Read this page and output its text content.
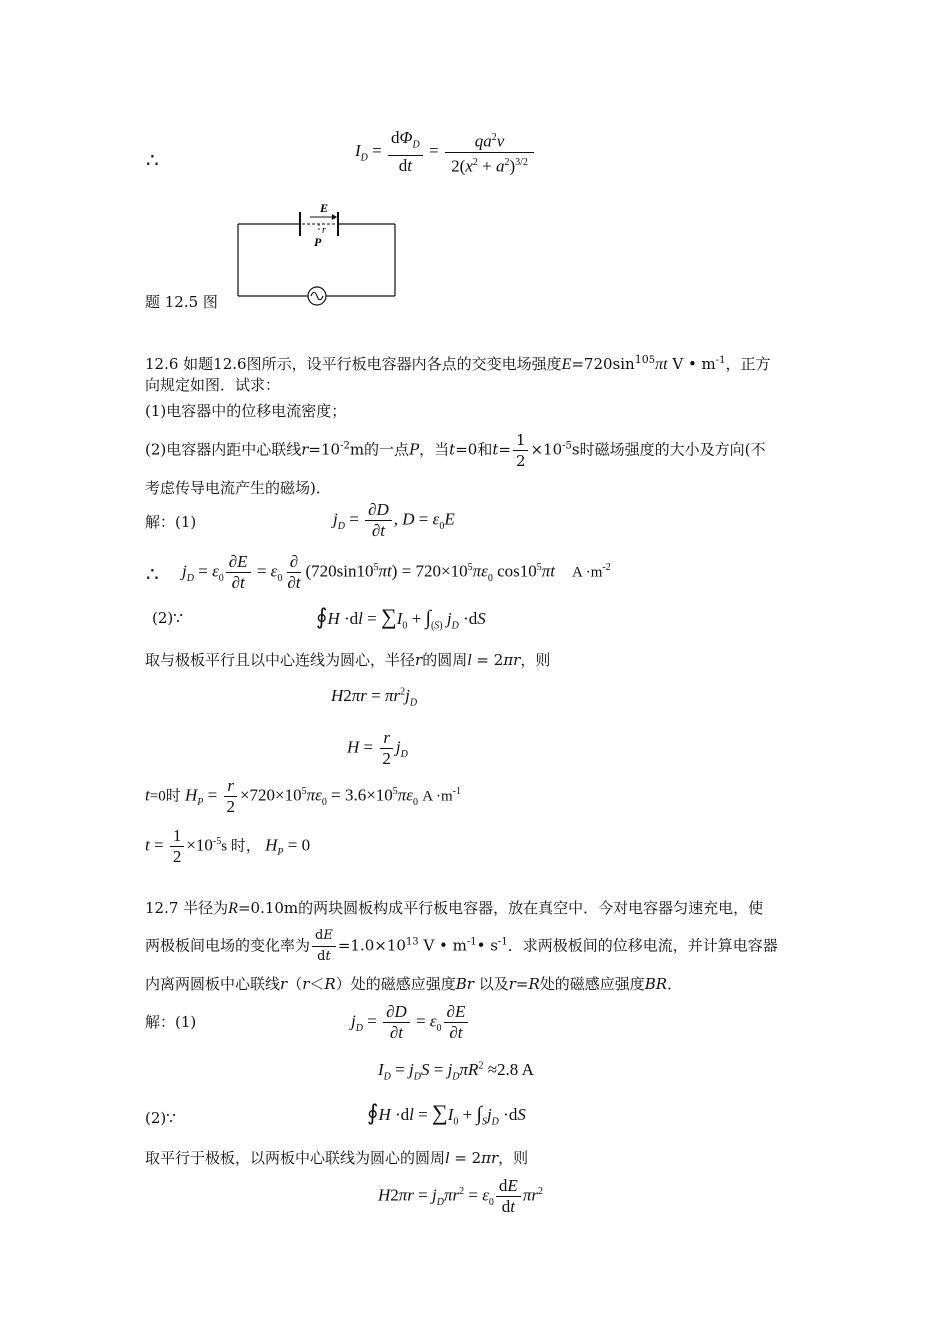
∴	$I_D = \frac{d\Phi_D}{dt} = \frac{qa^2v}{2(x^2 + a^2)^{3/2}}$
E
r
P
题 12.5 图
12.6 如题12.6图所示，设平行板电容器内各点的交变电场强度$E=720\sin^{105}\pi t$ V • $m^{-1}$，正方
向规定如图．试求：
(1)电容器中的位移电流密度；
(2)电容器内距中心联线$r=10^{-2}m$的一点P，当t=0和$t= \frac{1}{2} \times 10^{-5}s$时磁场强度的大小及方向(不
考虑传导电流产生的磁场)．
解：(1)	$j_D = \frac{\partial D}{\partial t}$ , $D = \varepsilon_0E$
∴ $j_D = \varepsilon_0 \frac{\partial E}{\partial t} = \varepsilon_0 \frac{\partial}{\partial t} (720\sin 10^5\pi t) = 720\times 10^5\pi\varepsilon_0$ $\cos 10^5\pi t$ $A \cdot m^{-2}$
(2)∵	∮H $\cdot dl = \sum I_0 + \int_{(S)}$ $j_D \cdot dS$
取与极板平行且以中心连线为圆心，半径r的圆周l = 2πr，则
$H2\pi r = \pi r^2j_D$
$H = \frac{r}{2} j_D$
t=0时 $H_P = \frac{r}{2} \times 720\times 10^5\pi\varepsilon_0 = 3.6\times 10^5\pi\varepsilon_0$ $A \cdot m^{-1}$
$t = \frac{1}{2} \times 10^{-5}s$ 时， $H_P = 0$
12.7 半径为R=0.10m的两块圆板构成平行板电容器，放在真空中．今对电容器匀速充电，使
两极板间电场的变化率为 $\frac{dE}{dt} =1.0\times 10^{13}$ V • $m^{-1}•$ $s^{-1}$．求两极板间的位移电流，并计算电容器
内离两圆板中心联线r（r＜R）处的磁感应强度Br 以及r=R处的磁感应强度BR．
解：(1)	$j_D = \frac{\partial D}{\partial t} = \varepsilon_0 \frac{\partial E}{\partial t}$
$I_D = j_DS = j_D\pi R^2 \approx 2.8$ A
(2)∵	∮H $\cdot dl = \sum I_0 + \int_Sj_D \cdot dS$
取平行于极板，以两板中心联线为圆心的圆周l = 2πr，则
$H2\pi r = j_D\pi r^2 = \varepsilon_0 \frac{dE}{dt} \pi r^2$
